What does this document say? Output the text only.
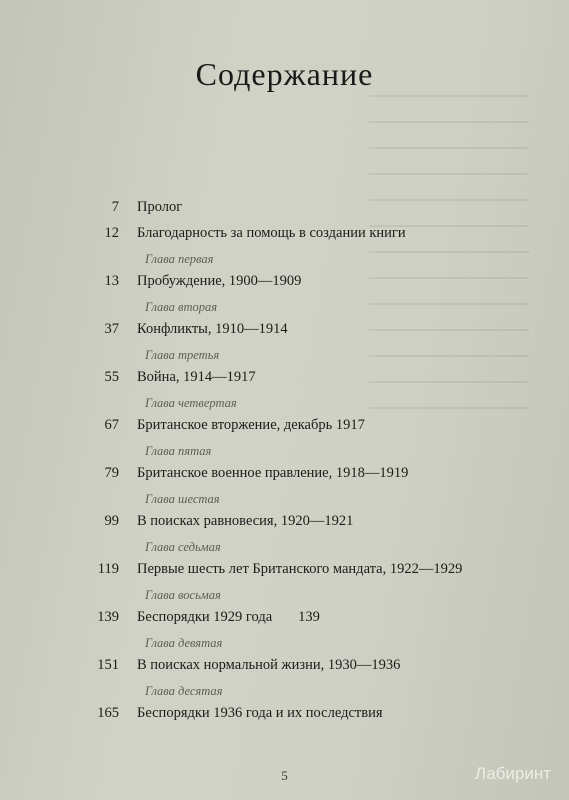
Содержание
7 Пролог
12 Благодарность за помощь в создании книги
Глава первая
13 Пробуждение, 1900—1909
Глава вторая
37 Конфликты, 1910—1914
Глава третья
55 Война, 1914—1917
Глава четвертая
67 Британское вторжение, декабрь 1917
Глава пятая
79 Британское военное правление, 1918—1919
Глава шестая
99 В поисках равновесия, 1920—1921
Глава седьмая
119 Первые шесть лет Британского мандата, 1922—1929
Глава восьмая
139 Беспорядки 1929 года 139
Глава девятая
151 В поисках нормальной жизни, 1930—1936
Глава десятая
165 Беспорядки 1936 года и их последствия
5	Лабиринт
